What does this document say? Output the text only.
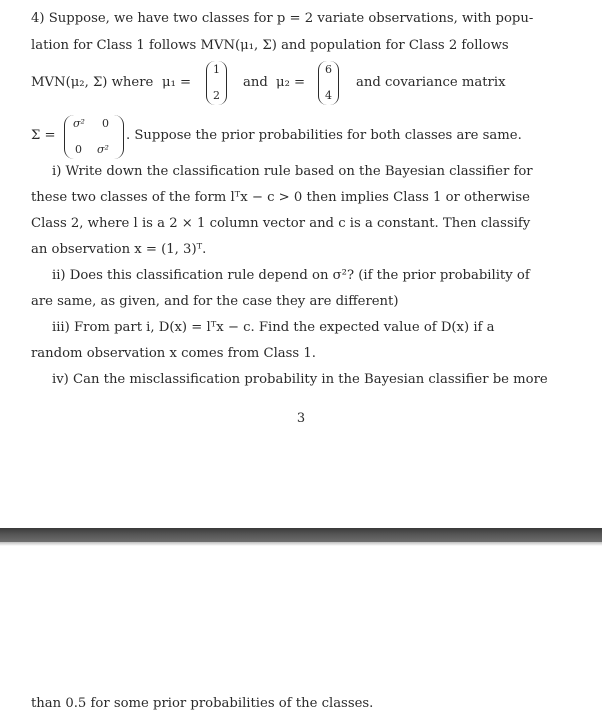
4) Suppose, we have two classes for p = 2 variate observations, with popu-
lation for Class 1 follows MVN(μ₁, Σ) and population for Class 2 follows
MVN(μ₂, Σ) where μ₁ =
1
2
and μ₂ =
6
4
and covariance matrix
Σ =
σ² 0
0 σ²
. Suppose the prior probabilities for both classes are same.
i) Write down the classification rule based on the Bayesian classifier for
these two classes of the form lᵀx − c > 0 then implies Class 1 or otherwise
Class 2, where l is a 2 × 1 column vector and c is a constant. Then classify
an observation x = (1, 3)ᵀ.
ii) Does this classification rule depend on σ²? (if the prior probability of
are same, as given, and for the case they are different)
iii) From part i, D(x) = lᵀx − c. Find the expected value of D(x) if a
random observation x comes from Class 1.
iv) Can the misclassification probability in the Bayesian classifier be more
3
than 0.5 for some prior probabilities of the classes.
